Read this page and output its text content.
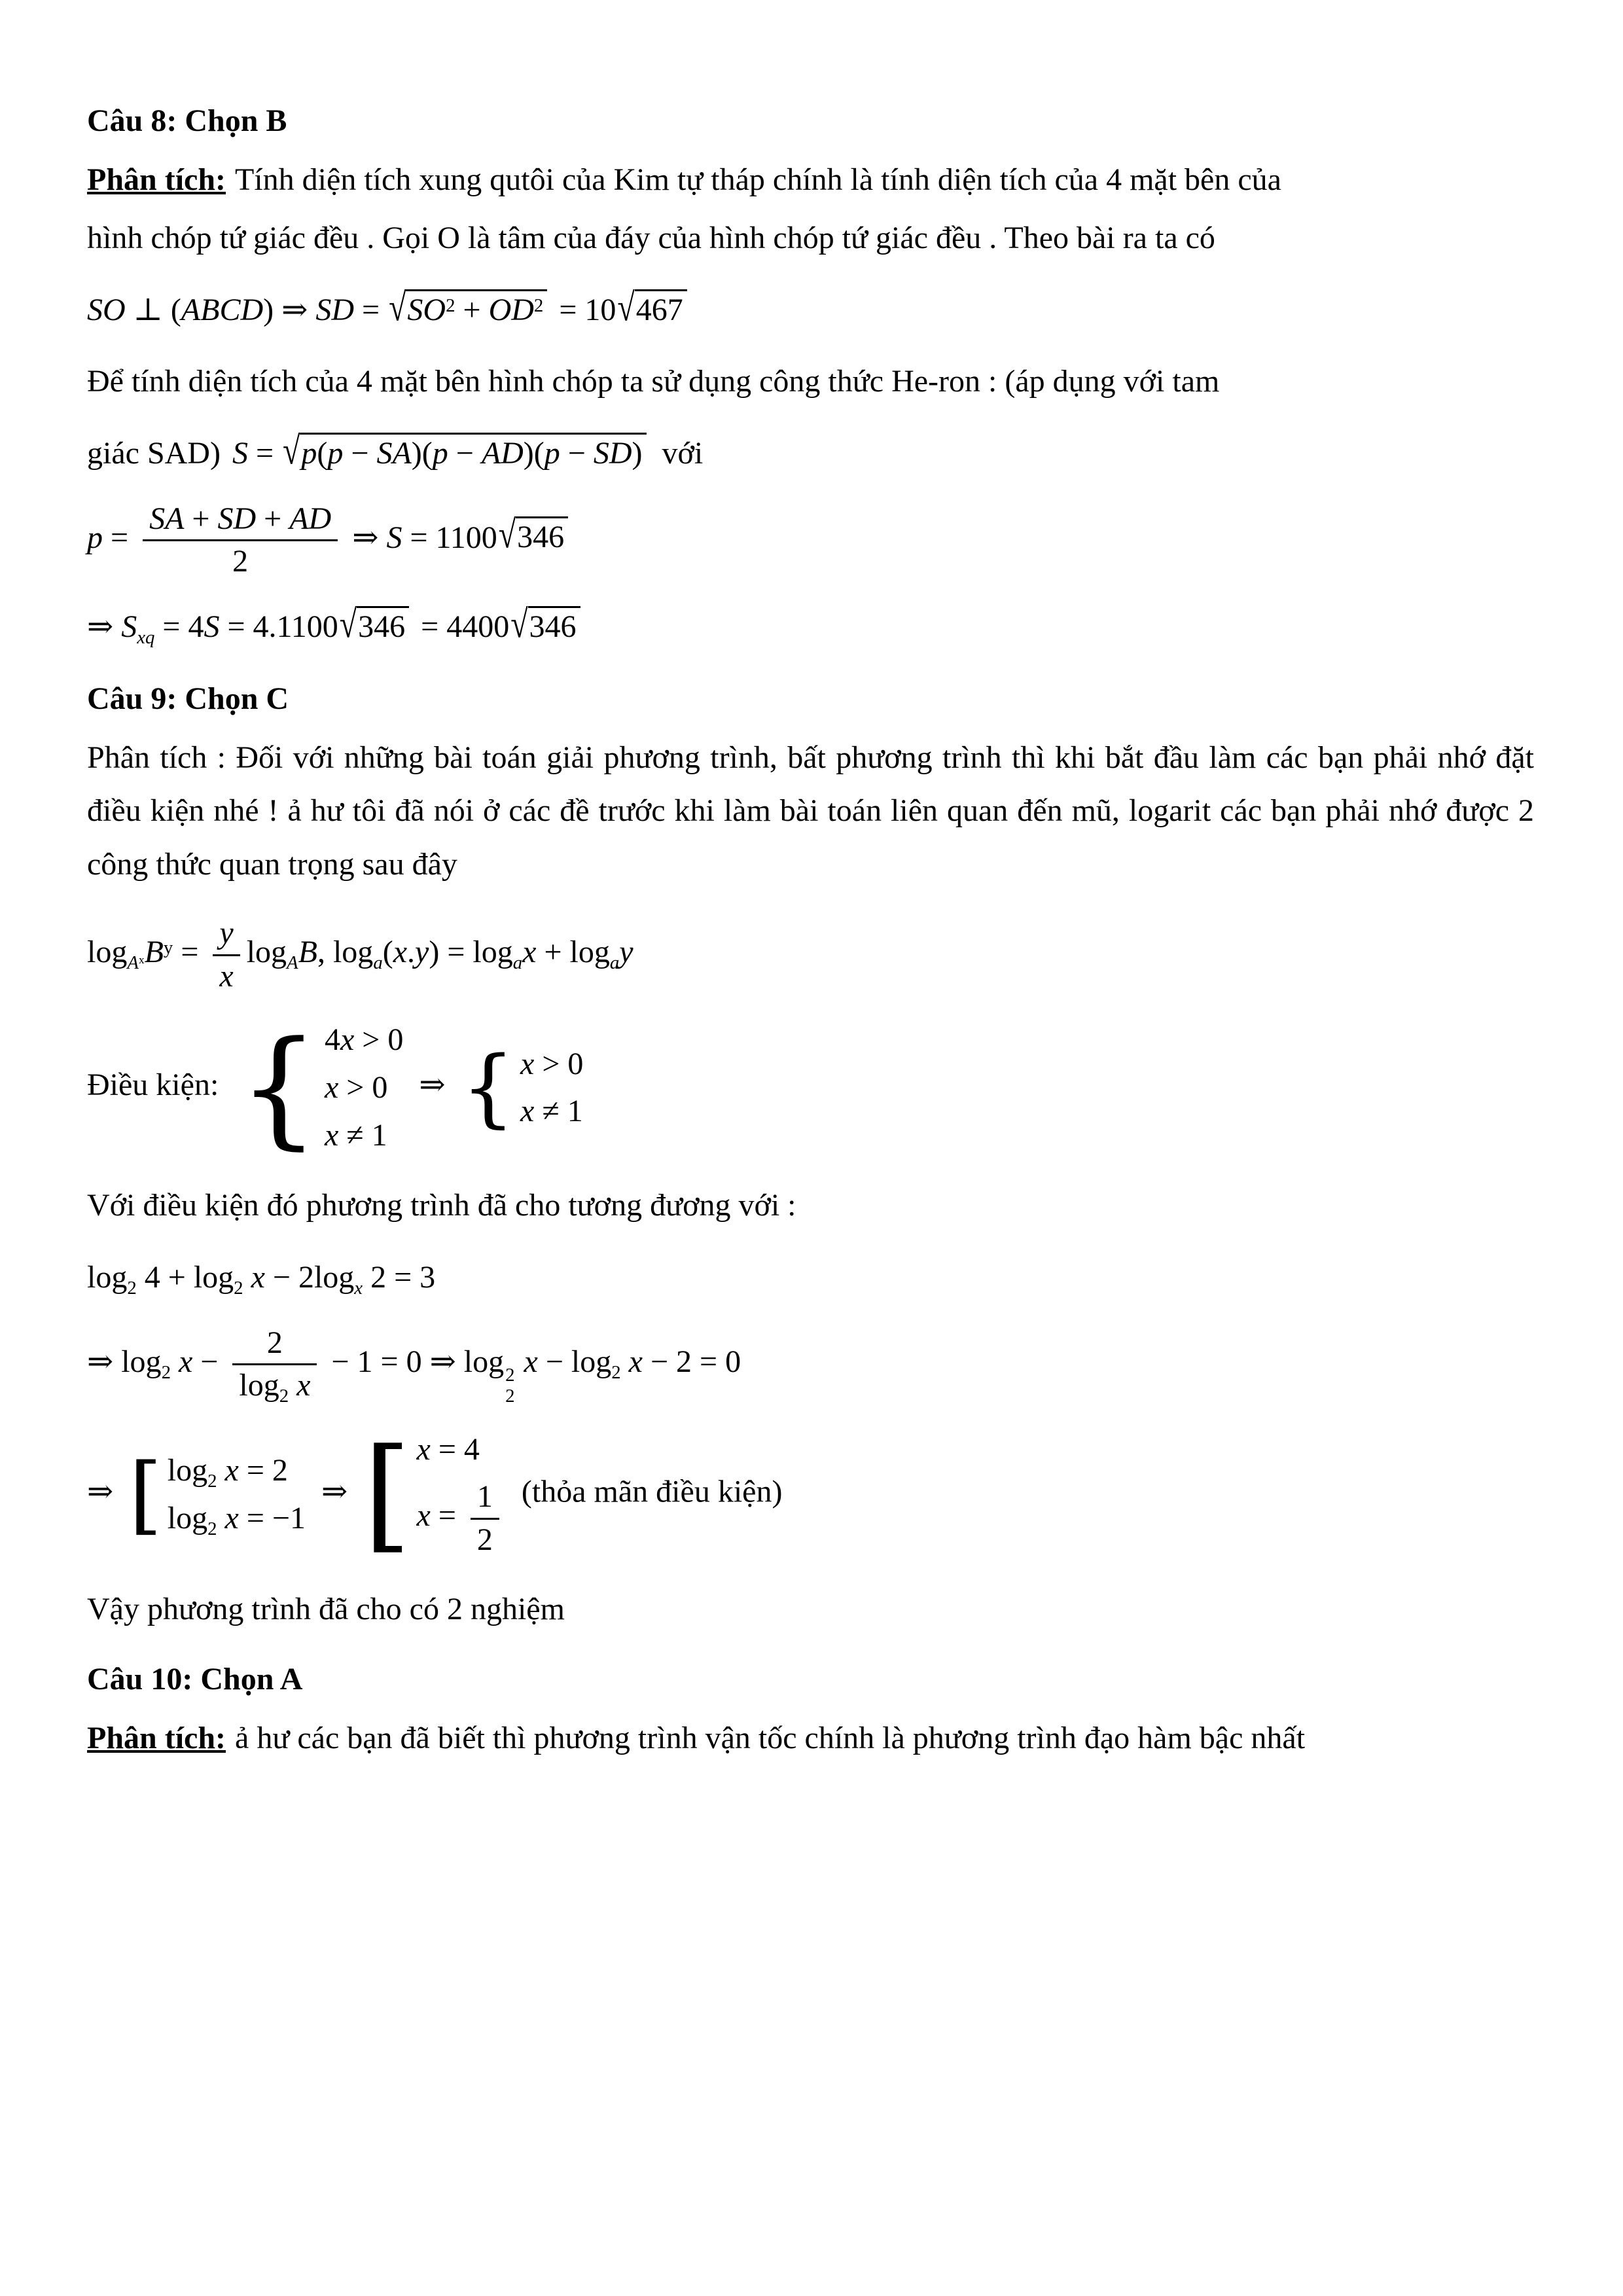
Câu 8: Chọn B

Phân tích: Tính diện tích xung qutôi của Kim tự tháp chính là tính diện tích của 4 mặt bên của

hình chóp tứ giác đều . Gọi O là tâm của đáy của hình chóp tứ giác đều . Theo bài ra ta có

SO ⊥ (ABCD) ⇒ SD = $√SO^2 + OD^2 = 10√467$

Để tính diện tích của 4 mặt bên hình chóp ta sử dụng công thức He-ron : (áp dụng với tam

giác SAD) S = √p(p − SA)(p − AD)(p − SD) với
$p = \frac{SA + SD + AD}{2}$ ⇒ S = 1100√346
⇒ $S_{xq} = 4S = 4.1100√346 = 4400√346$

Câu 9: Chọn C

Phân tích : Đối với những bài toán giải phương trình, bất phương trình thì khi bắt đầu làm các bạn phải nhớ đặt điều kiện nhé ! ả hư tôi đã nói ở các đề trước khi làm bài toán liên quan đến mũ, logarit các bạn phải nhớ được 2 công thức quan trọng sau đây

$\log_{A^x}B^y = \frac{y}{x} \log_AB$, $\log_a(x.y) = \log_ax + \log_ay$
Điều kiện: { 4x > 0
x > 0
x ≠ 1
⇒ { x > 0
x ≠ 1

Với điều kiện đó phương trình đã cho tương đương với :

$\log_2 4 + \log_2 x - 2\log_x$ 2 = 3
⇒ $\log_2 x - \frac{2}{\log_2 x} - 1 = 0$ ⇒ log 2
2
$x - \log_2 x - 2 = 0$
⇒ [ $\log_2 x = 2$
$\log_2 x = -1$
⇒ [ x = 4
$x = \frac{1}{2}$ (thỏa mãn điều kiện)

Vậy phương trình đã cho có 2 nghiệm

Câu 10: Chọn A

Phân tích: ả hư các bạn đã biết thì phương trình vận tốc chính là phương trình đạo hàm bậc nhất
